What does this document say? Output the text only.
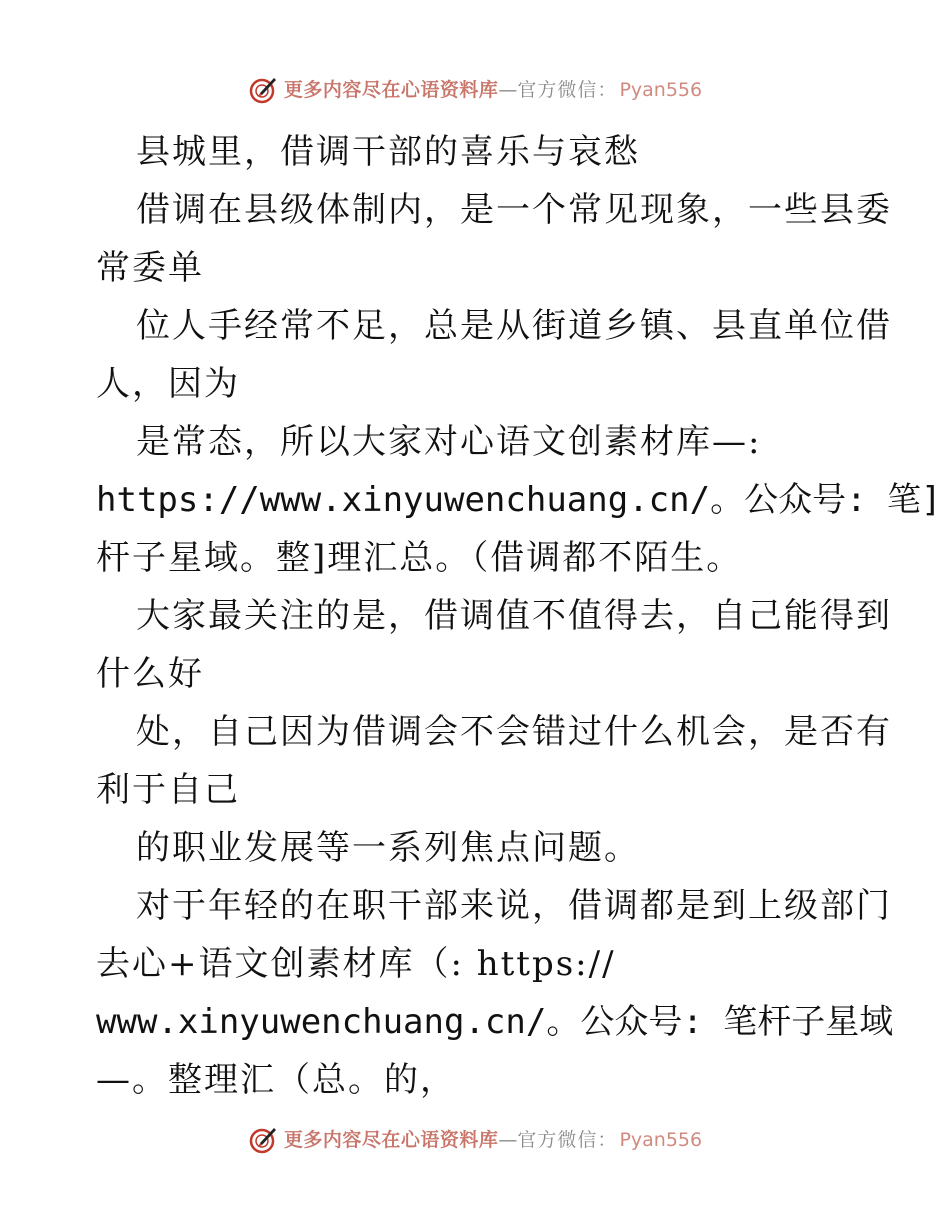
更多内容尽在心语资料库 — 官方微信： Pyan556
县城里，借调干部的喜乐与哀愁
借调在县级体制内，是一个常见现象，一些县委
常委单
位人手经常不足，总是从街道乡镇、县直单位借
人，因为
是常态，所以大家对心语文创素材库—:
https://www.xinyuwenchuang.cn/。公众号: 笔]
杆子星域。整]理汇总。（借调都不陌生。
大家最关注的是，借调值不值得去，自己能得到
什么好
处，自己因为借调会不会错过什么机会，是否有
利于自己
的职业发展等一系列焦点问题。
对于年轻的在职干部来说，借调都是到上级部门
去心+语文创素材库（: https://
www.xinyuwenchuang.cn/。公众号: 笔杆子星域
—。整理汇（总。的，
更多内容尽在心语资料库 — 官方微信： Pyan556
